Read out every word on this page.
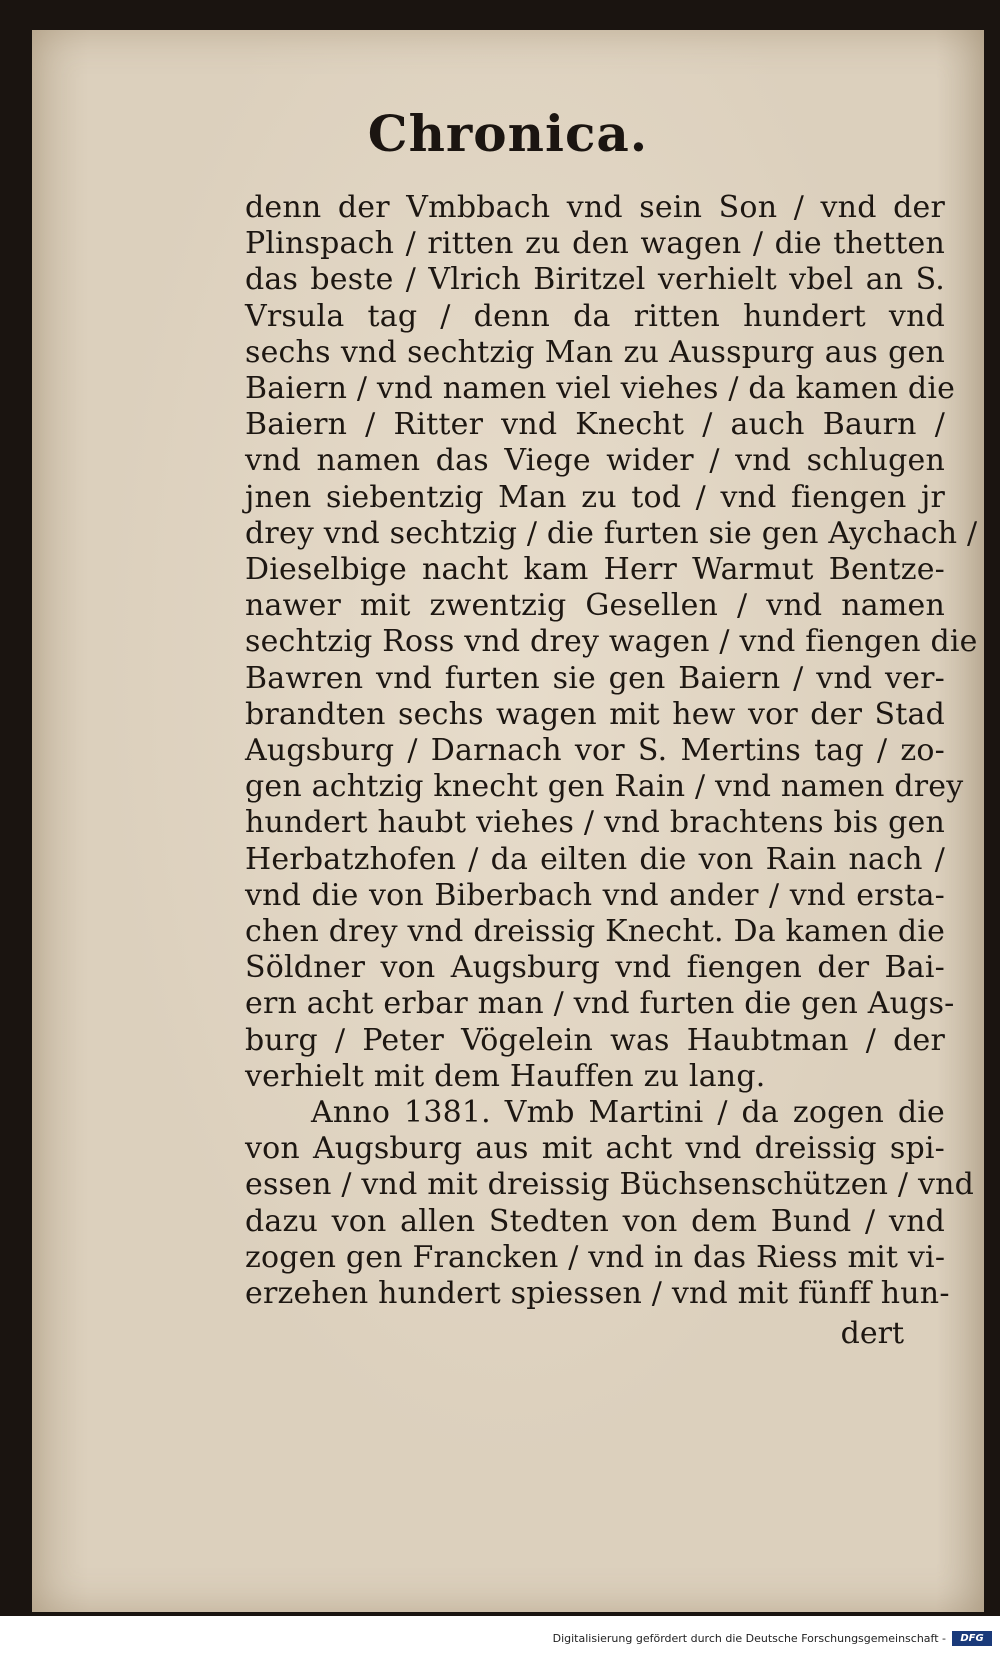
Chronica.
denn der Vmbbach vnd sein Son / vnd der
Plinspach / ritten zu den wagen / die thetten
das beste / Vlrich Biritzel verhielt vbel an S.
Vrsula tag / denn da ritten hundert vnd
sechs vnd sechtzig Man zu Ausspurg aus gen
Baiern / vnd namen viel viehes / da kamen die
Baiern / Ritter vnd Knecht / auch Baurn /
vnd namen das Viege wider / vnd schlugen
jnen siebentzig Man zu tod / vnd fiengen jr
drey vnd sechtzig / die furten sie gen Aychach /
Dieselbige nacht kam Herr Warmut Bentze-
nawer mit zwentzig Gesellen / vnd namen
sechtzig Ross vnd drey wagen / vnd fiengen die
Bawren vnd furten sie gen Baiern / vnd ver-
brandten sechs wagen mit hew vor der Stad
Augsburg / Darnach vor S. Mertins tag / zo-
gen achtzig knecht gen Rain / vnd namen drey
hundert haubt viehes / vnd brachtens bis gen
Herbatzhofen / da eilten die von Rain nach /
vnd die von Biberbach vnd ander / vnd ersta-
chen drey vnd dreissig Knecht. Da kamen die
Söldner von Augsburg vnd fiengen der Bai-
ern acht erbar man / vnd furten die gen Augs-
burg / Peter Vögelein was Haubtman / der
verhielt mit dem Hauffen zu lang.
Anno 1381. Vmb Martini / da zogen die
von Augsburg aus mit acht vnd dreissig spi-
essen / vnd mit dreissig Büchsenschützen / vnd
dazu von allen Stedten von dem Bund / vnd
zogen gen Francken / vnd in das Riess mit vi-
erzehen hundert spiessen / vnd mit fünff hun-
dert
Digitalisierung gefördert durch die Deutsche Forschungsgemeinschaft -	DFG
